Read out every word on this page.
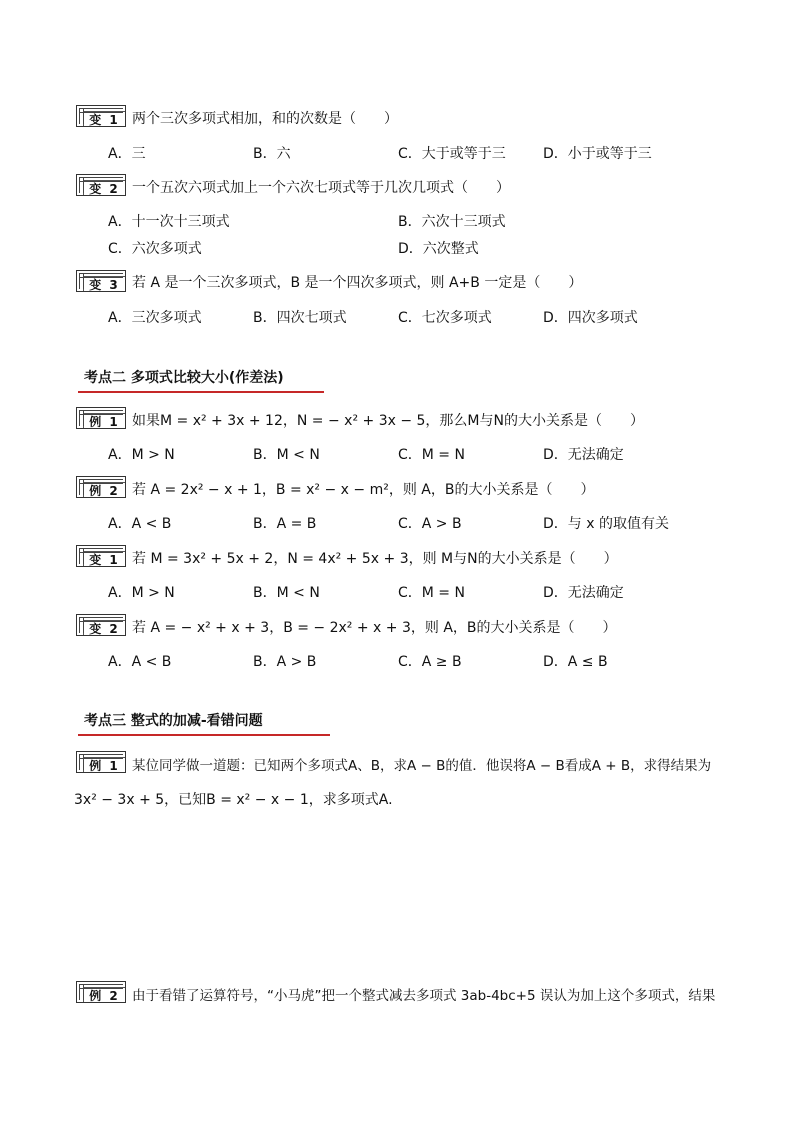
变 1 两个三次多项式相加，和的次数是（　　）
A．三	B．六	C．大于或等于三	D．小于或等于三
变 2 一个五次六项式加上一个六次七项式等于几次几项式（　　）
A．十一次十三项式	B．六次十三项式
C．六次多项式	D．六次整式
变 3 若 A 是一个三次多项式，B 是一个四次多项式，则 A+B 一定是（　　）
A．三次多项式	B．四次七项式	C．七次多项式	D．四次多项式
考点二 多项式比较大小(作差法)
例 1 如果M = x² + 3x + 12，N = − x² + 3x − 5，那么M与N的大小关系是（　　）
A．M > N	B．M < N	C．M = N	D．无法确定
例 2 若 A = 2x² − x + 1，B = x² − x − m²，则 A，B的大小关系是（　　）
A．A < B	B．A = B	C．A > B	D．与 x 的取值有关
变 1 若 M = 3x² + 5x + 2，N = 4x² + 5x + 3，则 M与N的大小关系是（　　）
A．M > N	B．M < N	C．M = N	D．无法确定
变 2 若 A = − x² + x + 3，B = − 2x² + x + 3，则 A，B的大小关系是（　　）
A．A < B	B．A > B	C．A ≥ B	D．A ≤ B
考点三 整式的加减-看错问题
例 1 某位同学做一道题：已知两个多项式A、B，求A − B的值．他误将A − B看成A + B，求得结果为
3x² − 3x + 5，已知B = x² − x − 1，求多项式A.
例 2 由于看错了运算符号，“小马虎”把一个整式减去多项式 3ab-4bc+5 误认为加上这个多项式，结果
